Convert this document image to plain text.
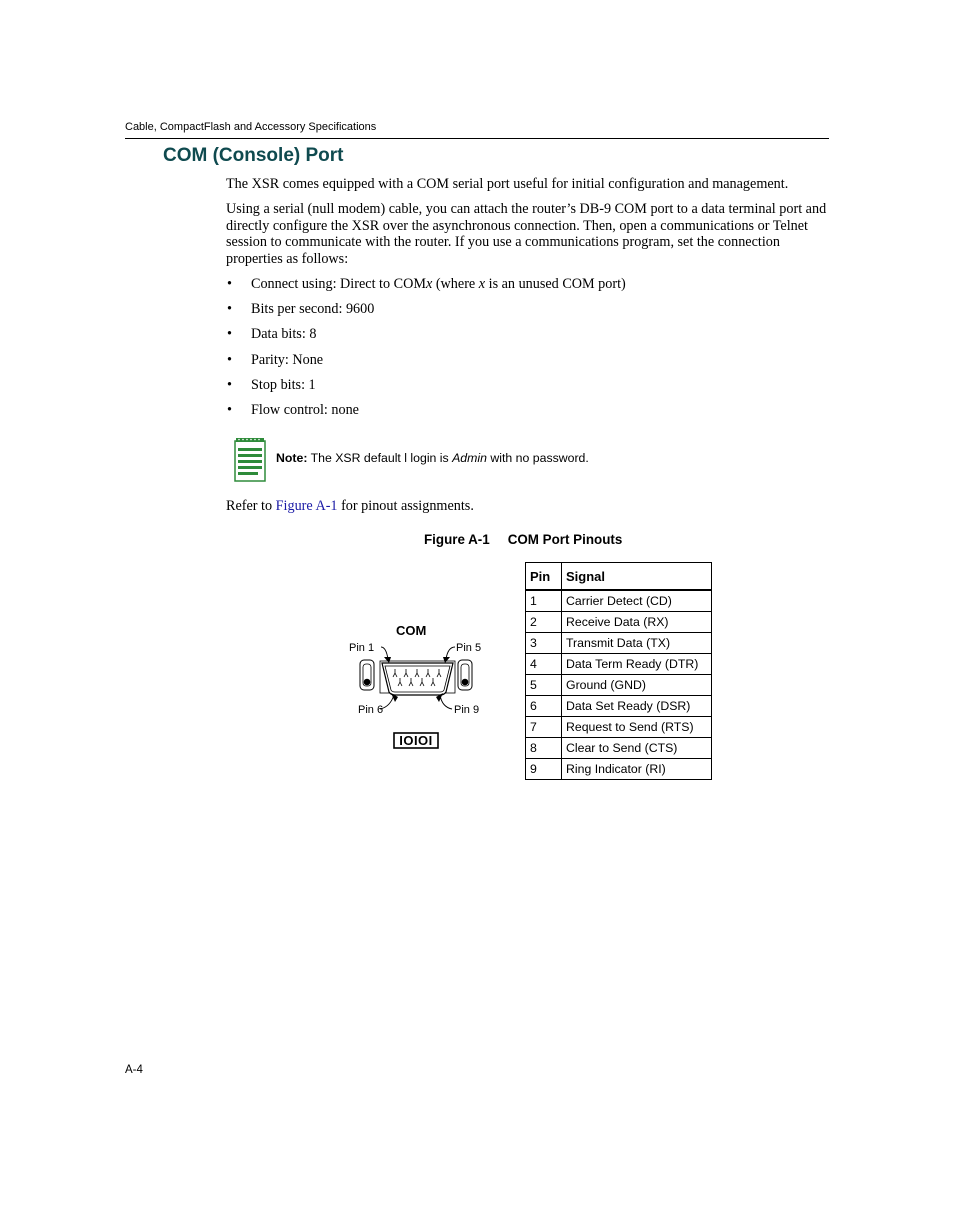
Cable, CompactFlash and Accessory Specifications
COM (Console) Port
The XSR comes equipped with a COM serial port useful for initial configuration and management.
Using a serial (null modem) cable, you can attach the router’s DB-9 COM port to a data terminal port and directly configure the XSR over the asynchronous connection. Then, open a communications or Telnet session to communicate with the router. If you use a communications program, set the connection properties as follows:
• Connect using: Direct to COMx (where x is an unused COM port)
• Bits per second: 9600
• Data bits: 8
• Parity: None
• Stop bits: 1
• Flow control: none
Note: The XSR default l login is Admin with no password.
Refer to Figure A-1 for pinout assignments.
Figure A-1 COM Port Pinouts
COM
Pin 1	Pin 5
Pin 6	Pin 9
IOIOI
Pin	Signal
1	Carrier Detect (CD)
2	Receive Data (RX)
3	Transmit Data (TX)
4	Data Term Ready (DTR)
5	Ground (GND)
6	Data Set Ready (DSR)
7	Request to Send (RTS)
8	Clear to Send (CTS)
9	Ring Indicator (RI)
A-4
